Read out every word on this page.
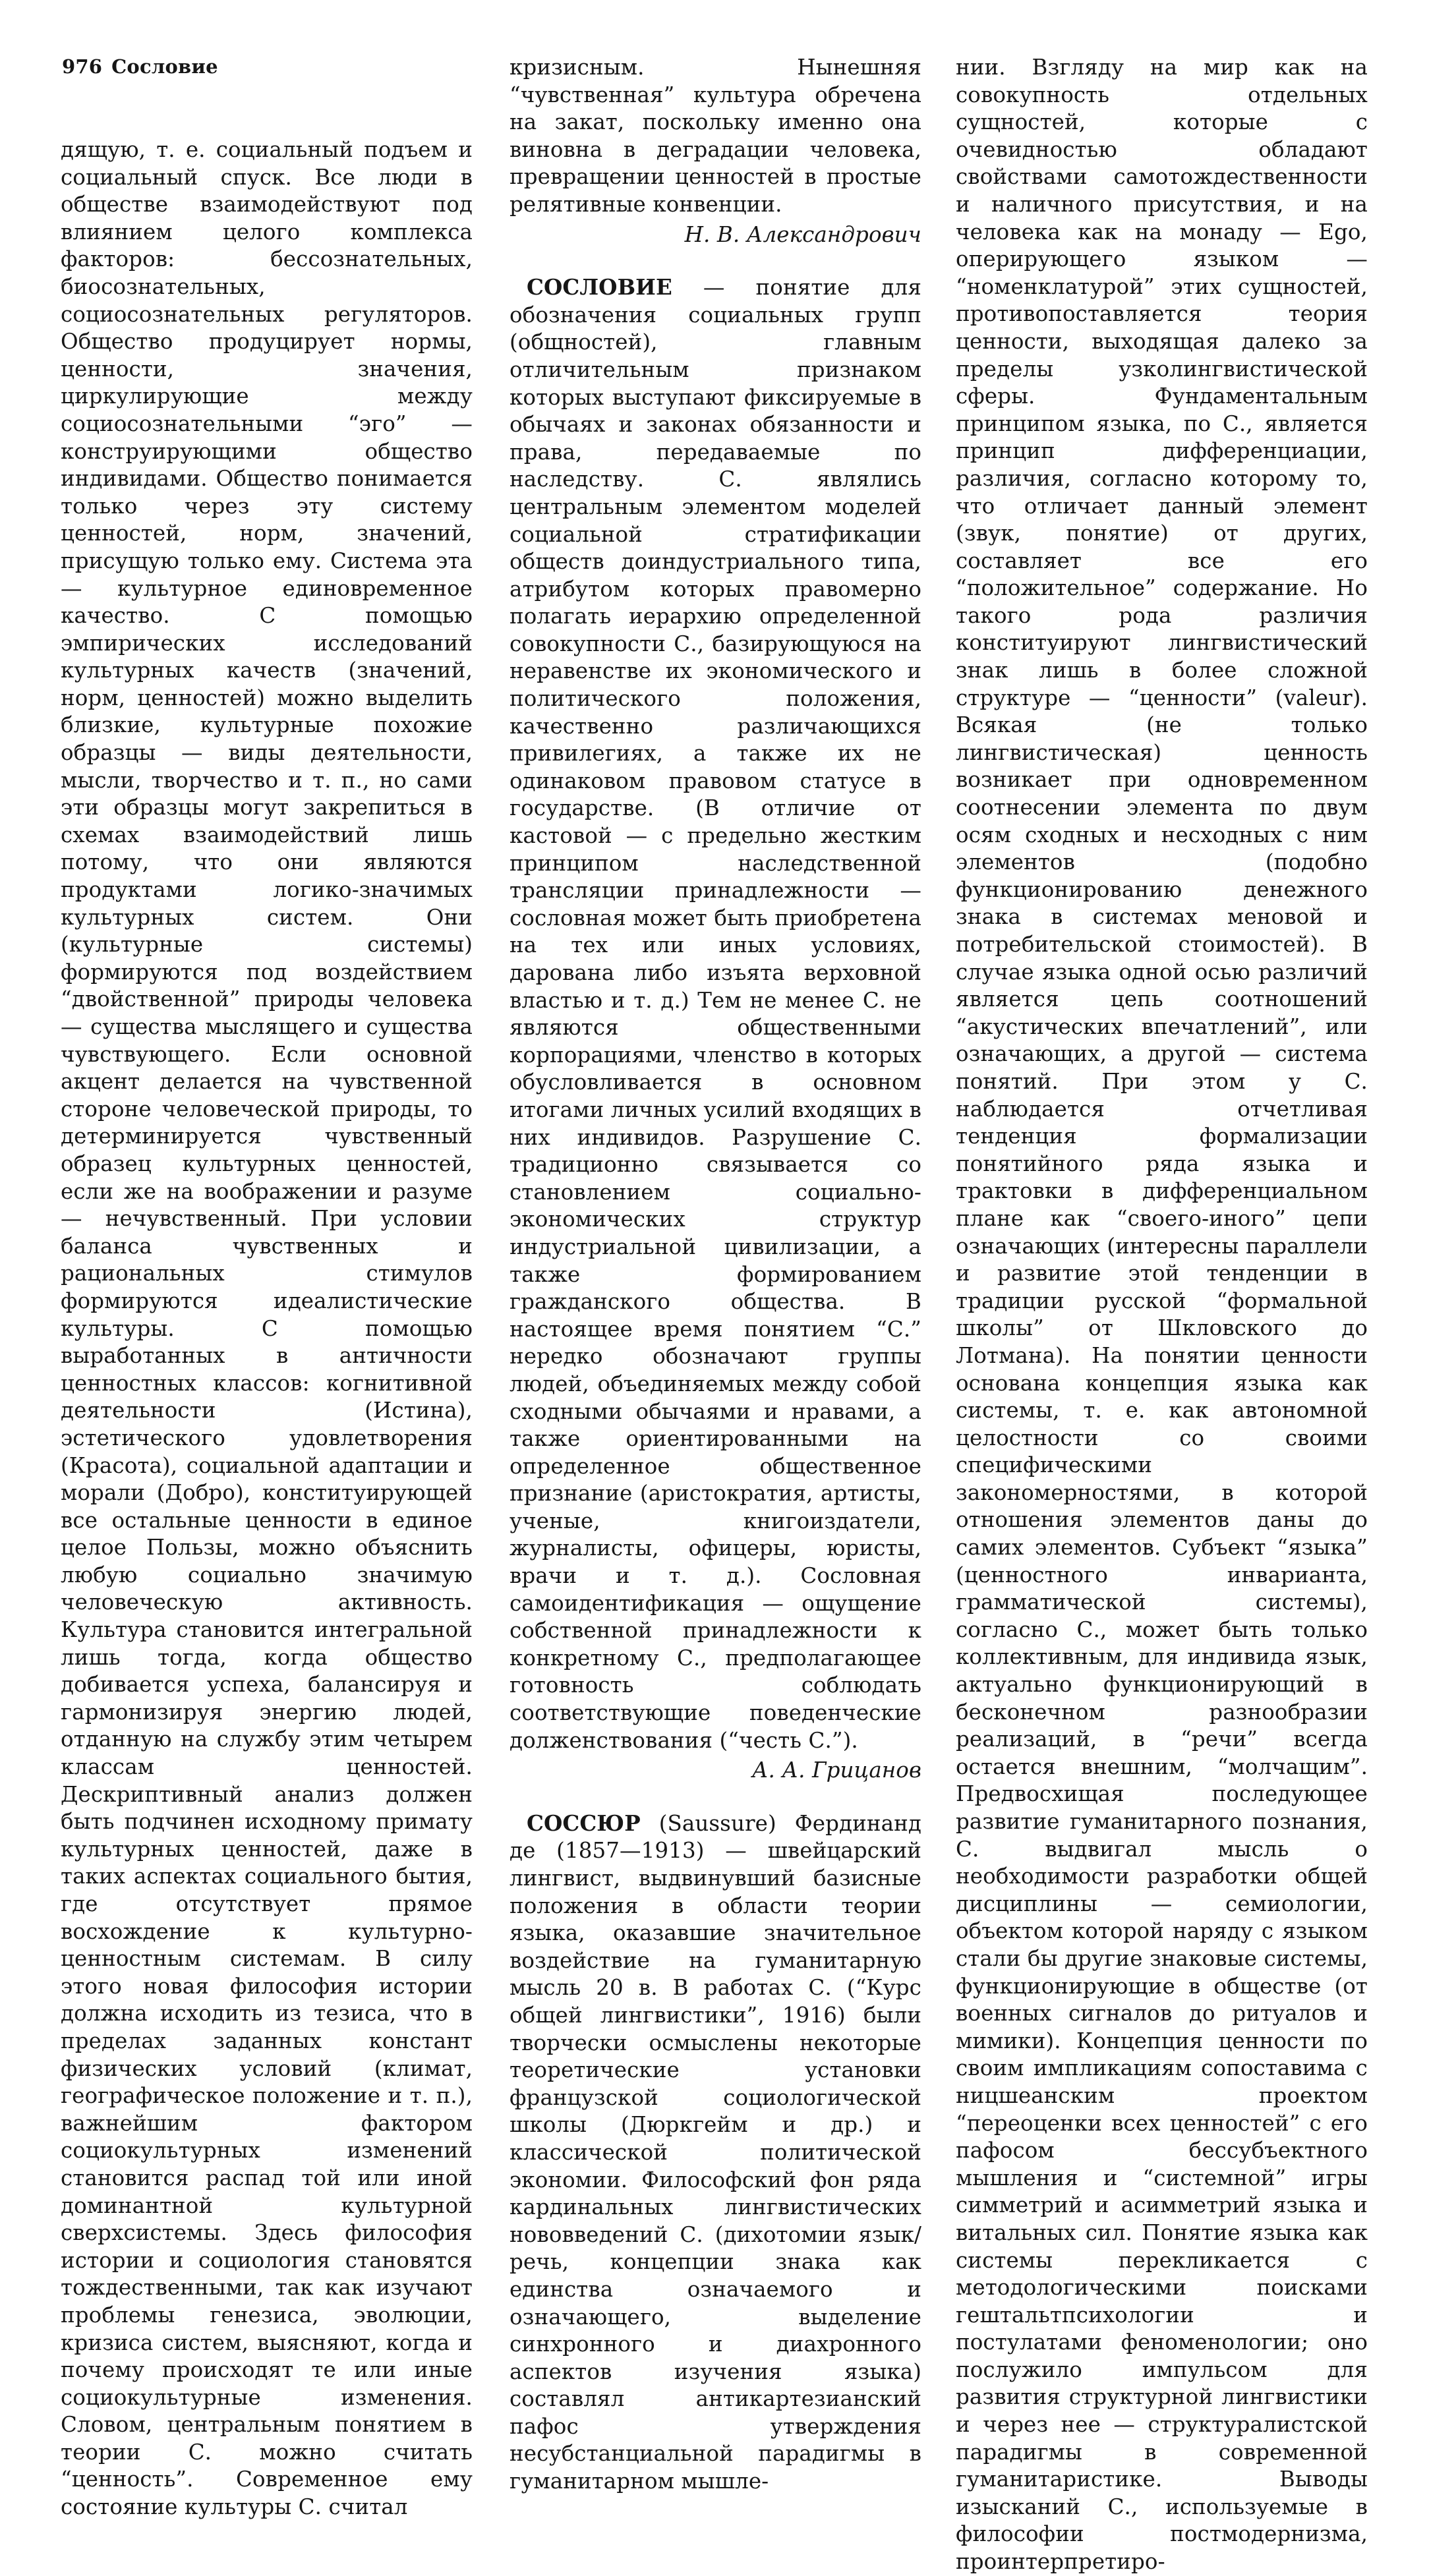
976 Сословие

дящую, т. е. социальный подъем и социальный спуск. Все люди в обществе взаимодействуют под влиянием целого комплекса факторов: бессознательных, биосознательных, социосознательных регуляторов. Общество продуцирует нормы, ценности, значения, циркулирующие между социосознательными “эго” — конструирующими общество индивидами. Общество понимается только через эту систему ценностей, норм, значений, присущую только ему. Система эта — культурное единовременное качество. С помощью эмпирических исследований культурных качеств (значений, норм, ценностей) можно выделить близкие, культурные похожие образцы — виды деятельности, мысли, творчество и т. п., но сами эти образцы могут закрепиться в схемах взаимодействий лишь потому, что они являются продуктами логико-значимых культурных систем. Они (культурные системы) формируются под воздействием “двойственной” природы человека — существа мыслящего и существа чувствующего. Если основной акцент делается на чувственной стороне человеческой природы, то детерминируется чувственный образец культурных ценностей, если же на воображении и разуме — нечувственный. При условии баланса чувственных и рациональных стимулов формируются идеалистические культуры. С помощью выработанных в античности ценностных классов: когнитивной деятельности (Истина), эстетического удовлетворения (Красота), социальной адаптации и морали (Добро), конституирующей все остальные ценности в единое целое Пользы, можно объяснить любую социально значимую человеческую активность. Культура становится интегральной лишь тогда, когда общество добивается успеха, балансируя и гармонизируя энергию людей, отданную на службу этим четырем классам ценностей. Дескриптивный анализ должен быть подчинен исходному примату культурных ценностей, даже в таких аспектах социального бытия, где отсутствует прямое восхождение к культурно-ценностным системам. В силу этого новая философия истории должна исходить из тезиса, что в пределах заданных констант физических условий (климат, географическое положение и т. п.), важнейшим фактором социокультурных изменений становится распад той или иной доминантной культурной сверхсистемы. Здесь философия истории и социология становятся тождественными, так как изучают проблемы генезиса, эволюции, кризиса систем, выясняют, когда и почему происходят те или иные социокультурные изменения. Словом, центральным понятием в теории С. можно считать “ценность”. Современное ему состояние культуры С. считал

кризисным. Нынешняя “чувственная” культура обречена на закат, поскольку именно она виновна в деградации человека, превращении ценностей в простые релятивные конвенции.

Н. В. Александрович

СОСЛОВИЕ — понятие для обозначения социальных групп (общностей), главным отличительным признаком которых выступают фиксируемые в обычаях и законах обязанности и права, передаваемые по наследству. С. являлись центральным элементом моделей социальной стратификации обществ доиндустриального типа, атрибутом которых правомерно полагать иерархию определенной совокупности С., базирующуюся на неравенстве их экономического и политического положения, качественно различающихся привилегиях, а также их не одинаковом правовом статусе в государстве. (В отличие от кастовой — с предельно жестким принципом наследственной трансляции принадлежности — сословная может быть приобретена на тех или иных условиях, дарована либо изъята верховной властью и т. д.) Тем не менее С. не являются общественными корпорациями, членство в которых обусловливается в основном итогами личных усилий входящих в них индивидов. Разрушение С. традиционно связывается со становлением социально-экономических структур индустриальной цивилизации, а также формированием гражданского общества. В настоящее время понятием “С.” нередко обозначают группы людей, объединяемых между собой сходными обычаями и нравами, а также ориентированными на определенное общественное признание (аристократия, артисты, ученые, книгоиздатели, журналисты, офицеры, юристы, врачи и т. д.). Сословная самоидентификация — ощущение собственной принадлежности к конкретному С., предполагающее готовность соблюдать соответствующие поведенческие долженствования (“честь С.”).

А. А. Грицанов

СОССЮР (Saussure) Фердинанд де (1857—1913) — швейцарский лингвист, выдвинувший базисные положения в области теории языка, оказавшие значительное воздействие на гуманитарную мысль 20 в. В работах С. (“Курс общей лингвистики”, 1916) были творчески осмыслены некоторые теоретические установки французской социологической школы (Дюркгейм и др.) и классической политической экономии. Философский фон ряда кардинальных лингвистических нововведений С. (дихотомии язык/речь, концепции знака как единства означаемого и означающего, выделение синхронного и диахронного аспектов изучения языка) составлял антикартезианский пафос утверждения несубстанциальной парадигмы в гуманитарном мышле-

нии. Взгляду на мир как на совокупность отдельных сущностей, которые с очевидностью обладают свойствами самотождественности и наличного присутствия, и на человека как на монаду — Ego, оперирующего языком — “номенклатурой” этих сущностей, противопоставляется теория ценности, выходящая далеко за пределы узколингвистической сферы. Фундаментальным принципом языка, по С., является принцип дифференциации, различия, согласно которому то, что отличает данный элемент (звук, понятие) от других, составляет все его “положительное” содержание. Но такого рода различия конституируют лингвистический знак лишь в более сложной структуре — “ценности” (valeur). Всякая (не только лингвистическая) ценность возникает при одновременном соотнесении элемента по двум осям сходных и несходных с ним элементов (подобно функционированию денежного знака в системах меновой и потребительской стоимостей). В случае языка одной осью различий является цепь соотношений “акустических впечатлений”, или означающих, а другой — система понятий. При этом у С. наблюдается отчетливая тенденция формализации понятийного ряда языка и трактовки в дифференциальном плане как “своего-иного” цепи означающих (интересны параллели и развитие этой тенденции в традиции русской “формальной школы” от Шкловского до Лотмана). На понятии ценности основана концепция языка как системы, т. е. как автономной целостности со своими специфическими закономерностями, в которой отношения элементов даны до самих элементов. Субъект “языка” (ценностного инварианта, грамматической системы), согласно С., может быть только коллективным, для индивида язык, актуально функционирующий в бесконечном разнообразии реализаций, в “речи” всегда остается внешним, “молчащим”. Предвосхищая последующее развитие гуманитарного познания, С. выдвигал мысль о необходимости разработки общей дисциплины — семиологии, объектом которой наряду с языком стали бы другие знаковые системы, функционирующие в обществе (от военных сигналов до ритуалов и мимики). Концепция ценности по своим импликациям сопоставима с ницшеанским проектом “переоценки всех ценностей” с его пафосом бессубъектного мышления и “системной” игры симметрий и асимметрий языка и витальных сил. Понятие языка как системы перекликается с методологическими поисками гештальтпсихологии и постулатами феноменологии; оно послужило импульсом для развития структурной лингвистики и через нее — структуралистской парадигмы в современной гуманитаристике. Выводы изысканий С., используемые в философии постмодернизма, проинтерпретиро-
